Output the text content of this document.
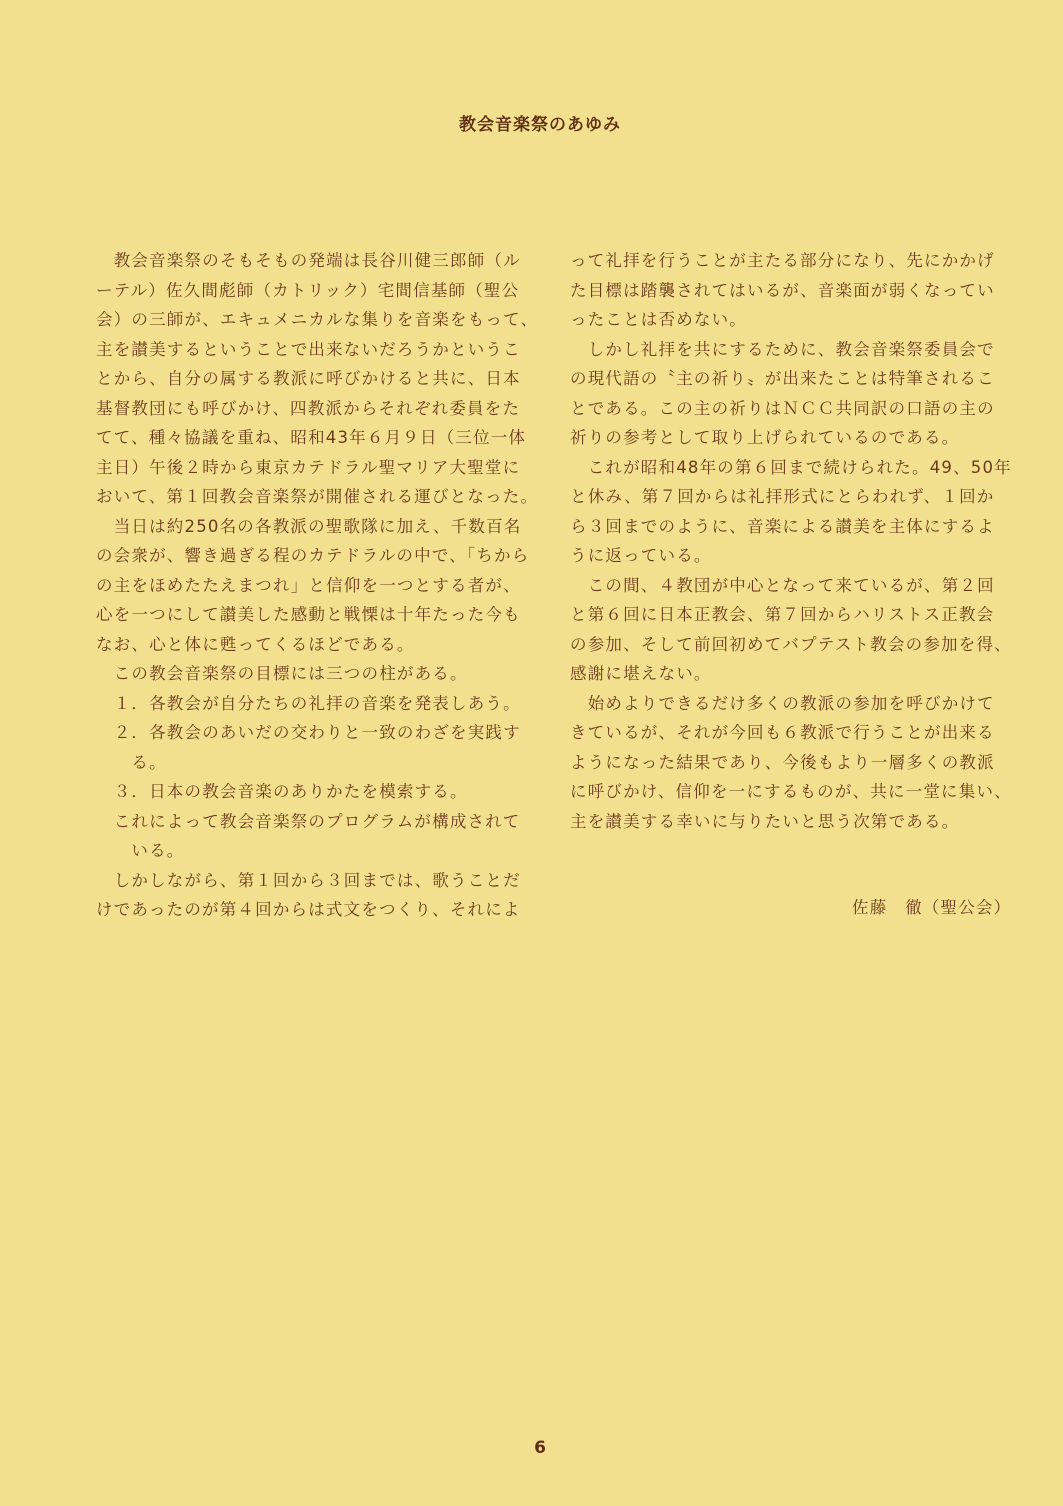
教会音楽祭のあゆみ
　教会音楽祭のそもそもの発端は長谷川健三郎師（ル
ーテル）佐久間彪師（カトリック）宅間信基師（聖公
会）の三師が、エキュメニカルな集りを音楽をもって、
主を讃美するということで出来ないだろうかというこ
とから、自分の属する教派に呼びかけると共に、日本
基督教団にも呼びかけ、四教派からそれぞれ委員をた
てて、種々協議を重ね、昭和43年６月９日（三位一体
主日）午後２時から東京カテドラル聖マリア大聖堂に
おいて、第１回教会音楽祭が開催される運びとなった。
　当日は約250名の各教派の聖歌隊に加え、千数百名
の会衆が、響き過ぎる程のカテドラルの中で、「ちから
の主をほめたたえまつれ」と信仰を一つとする者が、
心を一つにして讃美した感動と戦慄は十年たった今も
なお、心と体に甦ってくるほどである。
　この教会音楽祭の目標には三つの柱がある。
　１．各教会が自分たちの礼拝の音楽を発表しあう。
　２．各教会のあいだの交わりと一致のわざを実践す
　　る。
　３．日本の教会音楽のありかたを模索する。
　これによって教会音楽祭のプログラムが構成されて
　　いる。
　しかしながら、第１回から３回までは、歌うことだ
けであったのが第４回からは式文をつくり、それによ
って礼拝を行うことが主たる部分になり、先にかかげ
た目標は踏襲されてはいるが、音楽面が弱くなってい
ったことは否めない。
　しかし礼拝を共にするために、教会音楽祭委員会で
の現代語の〝主の祈り〟が出来たことは特筆されるこ
とである。この主の祈りはＮＣＣ共同訳の口語の主の
祈りの参考として取り上げられているのである。
　これが昭和48年の第６回まで続けられた。49、50年
と休み、第７回からは礼拝形式にとらわれず、１回か
ら３回までのように、音楽による讃美を主体にするよ
うに返っている。
　この間、４教団が中心となって来ているが、第２回
と第６回に日本正教会、第７回からハリストス正教会
の参加、そして前回初めてバプテスト教会の参加を得、
感謝に堪えない。
　始めよりできるだけ多くの教派の参加を呼びかけて
きているが、それが今回も６教派で行うことが出来る
ようになった結果であり、今後もより一層多くの教派
に呼びかけ、信仰を一にするものが、共に一堂に集い、
主を讃美する幸いに与りたいと思う次第である。
佐藤　徹（聖公会）
6
